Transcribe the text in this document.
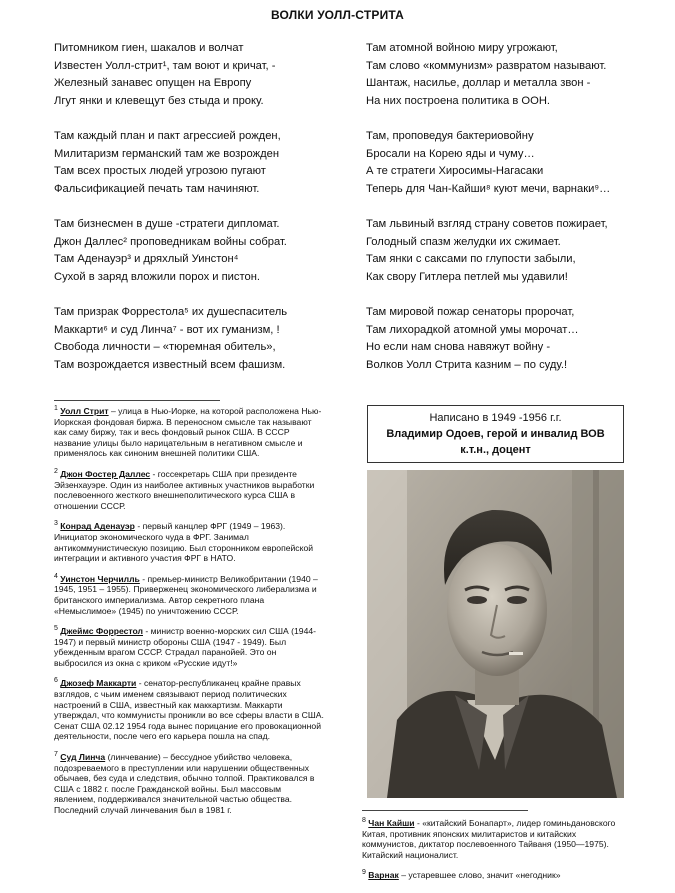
ВОЛКИ УОЛЛ-СТРИТА
Питомником гиен, шакалов и волчат
Известен Уолл-стрит¹, там воют и кричат, -
Железный занавес опущен на Европу
Лгут янки и клевещут без стыда и проку.
Там каждый план и пакт агрессией рожден,
Милитаризм германский там же возрожден
Там всех простых людей угрозою пугают
Фальсификацией печать там начиняют.
Там бизнесмен в душе -стратеги дипломат.
Джон Даллес² проповедникам войны собрат.
Там Аденауэр³ и дряхлый Уинстон⁴
Сухой в заряд вложили порох и пистон.
Там призрак Форрестола⁵ их душеспаситель
Маккарти⁶ и суд Линча⁷ - вот их гуманизм, !
Свобода личности – «тюремная обитель»,
Там возрождается известный всем фашизм.
Там атомной войною миру угрожают,
Там слово «коммунизм» развратом называют.
Шантаж, насилье, доллар и металла звон -
На них построена политика в ООН.
Там, проповедуя бактериовойну
Бросали на Корею яды и чуму…
А те стратеги Хиросимы-Нагасаки
Теперь для Чан-Кайши⁸ куют мечи, варнаки⁹…
Там львиный взгляд страну советов пожирает,
Голодный спазм желудки их сжимает.
Там янки с саксами по глупости забыли,
Как свору Гитлера петлей мы удавили!
Там мировой пожар сенаторы пророчат,
Там лихорадкой атомной умы морочат…
Но если нам снова навяжут войну -
Волков Уолл Стрита казним – по суду.!
$^1$ Уолл Стрит – улица в Нью-Иорке, на которой расположена Нью-Иоркская фондовая биржа. В переносном смысле так называют как саму биржу, так и весь фондовый рынок США. В СССР название улицы было нарицательным в негативном смысле и применялось как синоним внешней политики США.
$^2$ Джон Фостер Даллес - госсекретарь США при президенте Эйзенхауэре. Один из наиболее активных участников выработки послевоенного жесткого внешнеполитического курса США в отношении СССР.
$^3$ Конрад Аденауэр - первый канцлер ФРГ (1949 – 1963). Инициатор экономического чуда в ФРГ. Занимал антикоммунистическую позицию. Был сторонником европейской интеграции и активного участия ФРГ в НАТО.
$^4$ Уинстон Черчилль - премьер-министр Великобритании (1940 – 1945, 1951 – 1955). Приверженец экономического либерализма и британского империализма. Автор секретного плана «Немыслимое» (1945) по уничтожению СССР.
$^5$ Джеймс Форрестол - министр военно-морских сил США (1944-1947) и первый министр обороны США (1947 - 1949). Был убежденным врагом СССР. Страдал паранойей. Это он выбросился из окна с криком «Русские идут!»
$^6$ Джозеф Маккарти - сенатор-республиканец крайне правых взглядов, с чьим именем связывают период политических настроений в США, известный как маккартизм. Маккарти утверждал, что коммунисты проникли во все сферы власти в США. Сенат США 02.12 1954 года вынес порицание его провокационной деятельности, после чего его карьера пошла на спад.
$^7$ Суд Линча (линчевание) – бессудное убийство человека, подозреваемого в преступлении или нарушении общественных обычаев, без суда и следствия, обычно толпой. Практиковался в США с 1882 г. после Гражданской войны. Был массовым явлением, поддерживался значительной частью общества. Последний случай линчевания был в 1981 г.
Написано в 1949 -1956 г.г.
Владимир Одоев, герой и инвалид ВОВ
к.т.н., доцент
$^8$ Чан Кайши - «китайский Бонапарт», лидер гоминьдановского Китая, противник японских милитаристов и китайских коммунистов, диктатор послевоенного Тайваня (1950—1975). Китайский националист.
$^9$ Варнак – устаревшее слово, значит «негодник»
